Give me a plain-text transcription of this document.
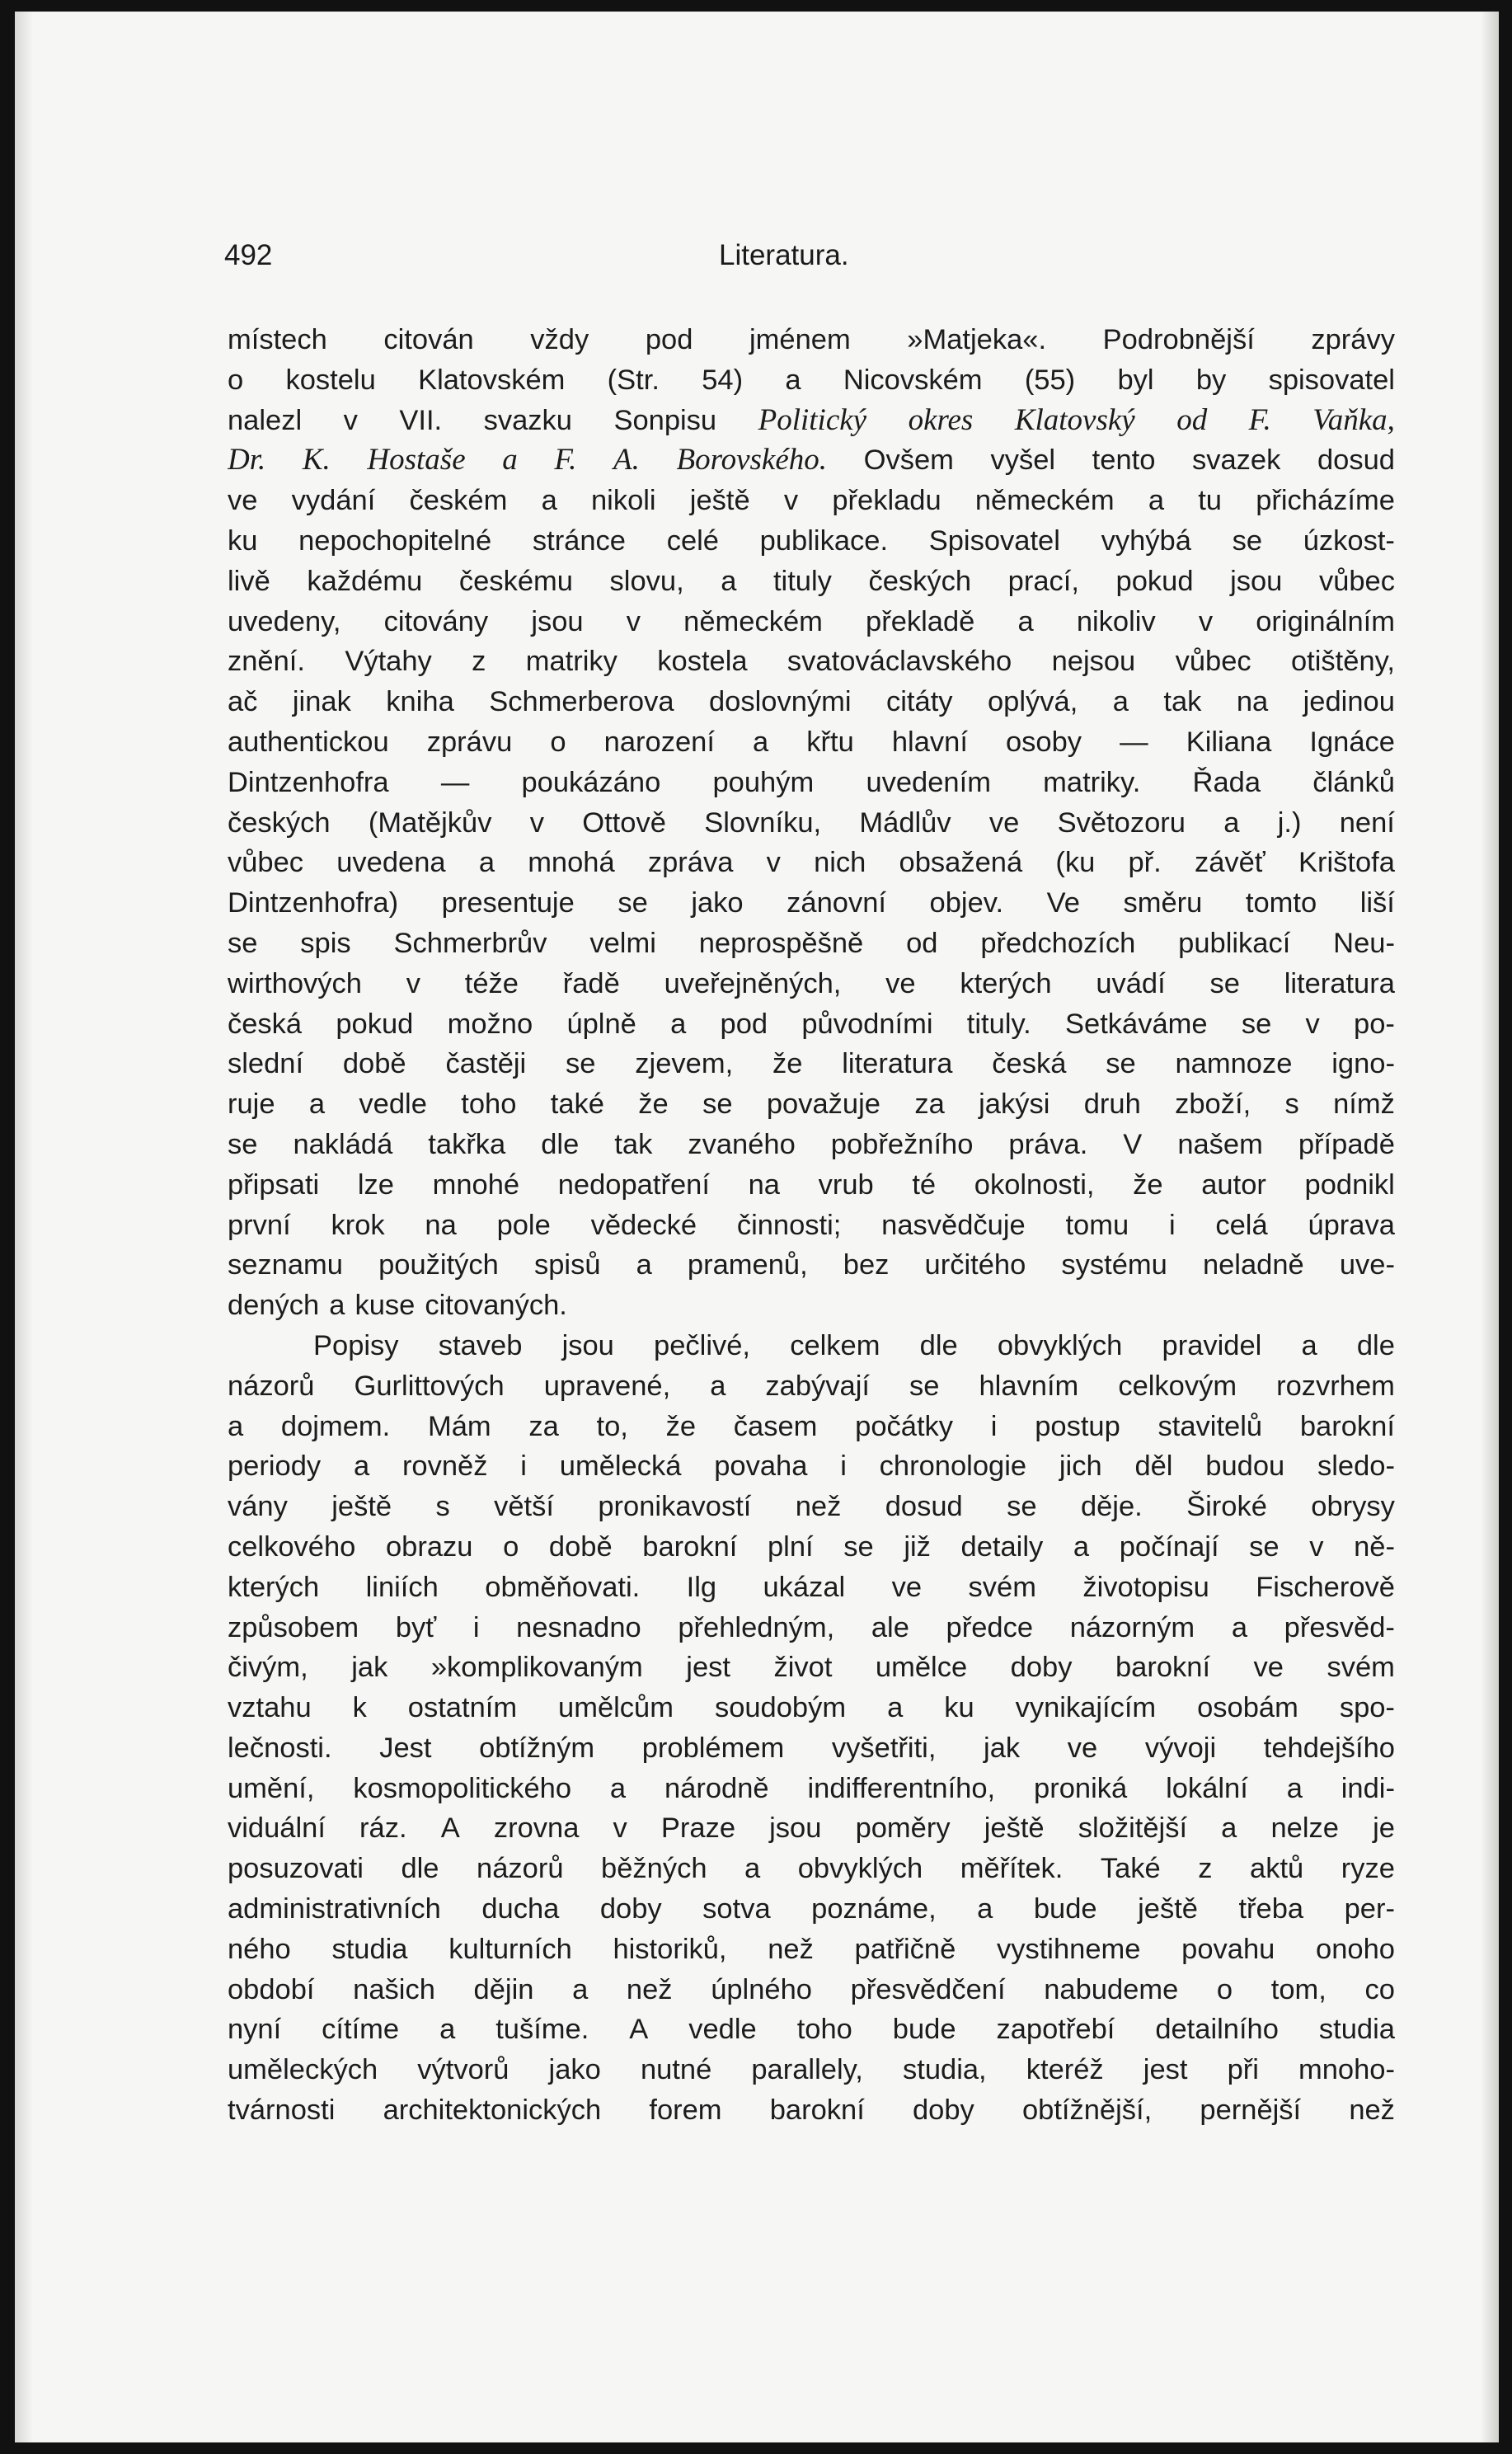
492	Literatura.
místech citován vždy pod jménem »Matjeka«. Podrobnější zprávy
o kostelu Klatovském (Str. 54) a Nicovském (55) byl by spisovatel
nalezl v VII. svazku Sonpisu Politický okres Klatovský od F. Vaňka,
Dr. K. Hostaše a F. A. Borovského. Ovšem vyšel tento svazek dosud
ve vydání českém a nikoli ještě v překladu německém a tu přicházíme
ku nepochopitelné stránce celé publikace. Spisovatel vyhýbá se úzkost-
livě každému českému slovu, a tituly českých prací, pokud jsou vůbec
uvedeny, citovány jsou v německém překladě a nikoliv v originálním
znění. Výtahy z matriky kostela svatováclavského nejsou vůbec otištěny,
ač jinak kniha Schmerberova doslovnými citáty oplývá, a tak na jedinou
authentickou zprávu o narození a křtu hlavní osoby — Kiliana Ignáce
Dintzenhofra — poukázáno pouhým uvedením matriky. Řada článků
českých (Matějkův v Ottově Slovníku, Mádlův ve Světozoru a j.) není
vůbec uvedena a mnohá zpráva v nich obsažená (ku př. závěť Krištofa
Dintzenhofra) presentuje se jako zánovní objev. Ve směru tomto liší
se spis Schmerbrův velmi neprospěšně od předchozích publikací Neu-
wirthových v téže řadě uveřejněných, ve kterých uvádí se literatura
česká pokud možno úplně a pod původními tituly. Setkáváme se v po-
slední době častěji se zjevem, že literatura česká se namnoze ignо-
ruje a vedle toho také že se považuje za jakýsi druh zboží, s nímž
se nakládá takřka dle tak zvaného pobřežního práva. V našem případě
připsati lze mnohé nedopatření na vrub té okolnosti, že autor podnikl
první krok na pole vědecké činnosti; nasvědčuje tomu i celá úprava
seznamu použitých spisů a pramenů, bez určitého systému neladně uve-
dených a kuse citovaných.
Popisy staveb jsou pečlivé, celkem dle obvyklých pravidel a dle
názorů Gurlittových upravené, a zabývají se hlavním celkovým rozvrhem
a dojmem. Mám za to, že časem počátky i postup stavitelů barokní
periody a rovněž i umělecká povaha i chronologie jich děl budou sledo-
vány ještě s větší pronikavostí než dosud se děje. Široké obrysy
celkového obrazu o době barokní plní se již detaily a počínají se v ně-
kterých liniích obměňovati. Ilg ukázal ve svém životopisu Fischerově
způsobem byť i nesnadno přehledným, ale předce názorným a přesvěd-
čivým, jak »komplikovaným jest život umělce doby barokní ve svém
vztahu k ostatním umělcům soudobým a ku vynikajícím osobám spo-
lečnosti. Jest obtížným problémem vyšetřiti, jak ve vývoji tehdejšího
umění, kosmopolitického a národně indifferentního, proniká lokální a indi-
viduální ráz. A zrovna v Praze jsou poměry ještě složitější a nelze je
posuzovati dle názorů běžných a obvyklých měřítek. Také z aktů ryze
administrativních ducha doby sotva poznáme, a bude ještě třeba per-
ného studia kulturních historiků, než patřičně vystihneme povahu onoho
období našich dějin a než úplného přesvědčení nabudeme o tom, co
nyní cítíme a tušíme. A vedle toho bude zapotřebí detailního studia
uměleckých výtvorů jako nutné parallely, studia, kteréž jest při mnoho-
tvárnosti architektonických forem barokní doby obtížnější, pernější než
